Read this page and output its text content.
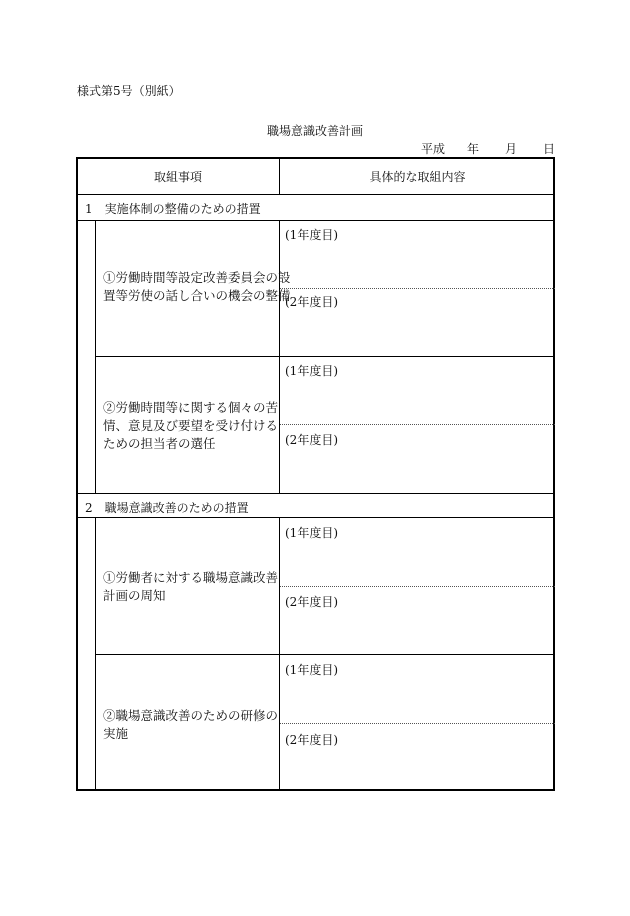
様式第5号（別紙）
職場意識改善計画
平成 年 月 日
取組事項	具体的な取組内容
1　実施体制の整備のための措置
①労働時間等設定改善委員会の設
置等労使の話し合いの機会の整備
(1年度目)
(2年度目)
②労働時間等に関する個々の苦
情、意見及び要望を受け付ける
ための担当者の選任
(1年度目)
(2年度目)
2　職場意識改善のための措置
①労働者に対する職場意識改善
計画の周知
(1年度目)
(2年度目)
②職場意識改善のための研修の
実施
(1年度目)
(2年度目)
